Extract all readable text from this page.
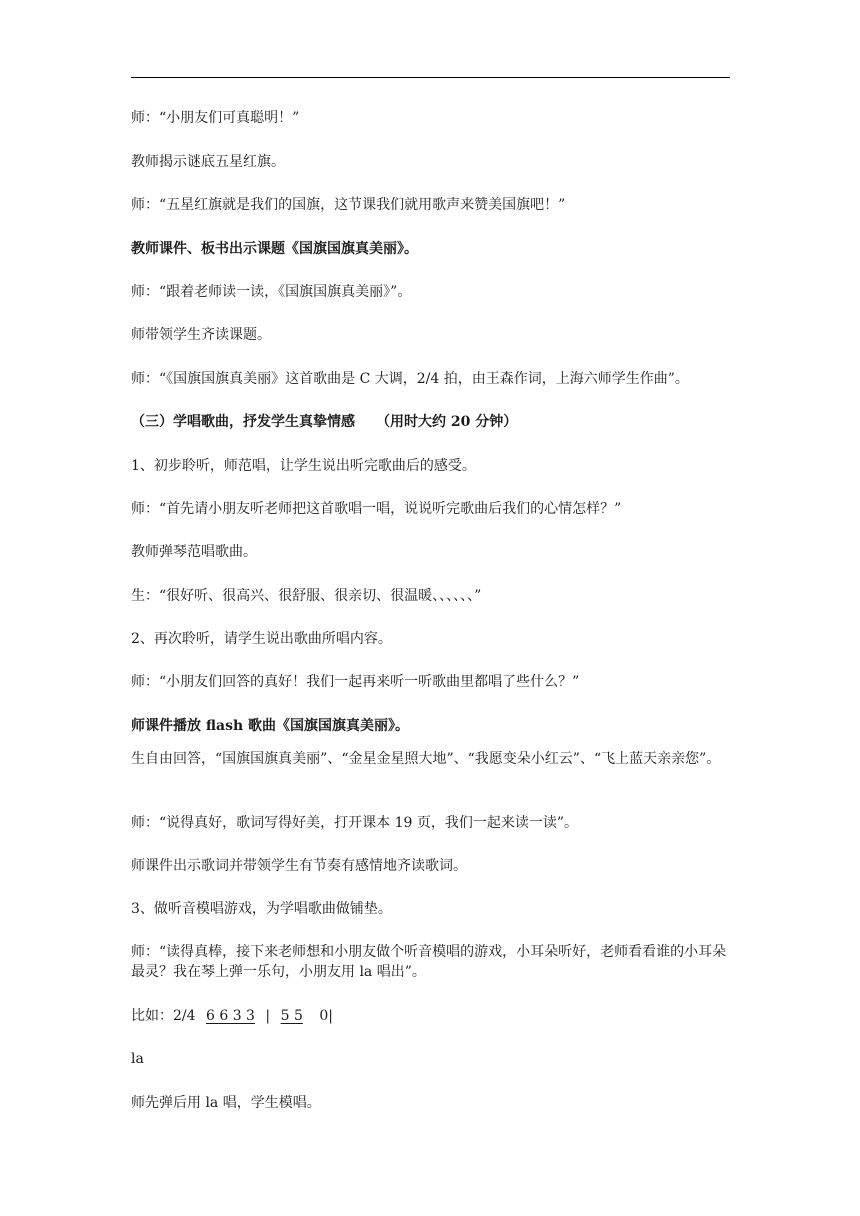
师：“小朋友们可真聪明！”
教师揭示谜底五星红旗。
师：“五星红旗就是我们的国旗，这节课我们就用歌声来赞美国旗吧！”
教师课件、板书出示课题《国旗国旗真美丽》。
师：“跟着老师读一读，《国旗国旗真美丽》”。
师带领学生齐读课题。
师：“《国旗国旗真美丽》这首歌曲是 C 大调，2/4 拍，由王森作词，上海六师学生作曲”。
（三）学唱歌曲，抒发学生真挚情感　　（用时大约 20 分钟）
1、初步聆听，师范唱，让学生说出听完歌曲后的感受。
师：“首先请小朋友听老师把这首歌唱一唱，说说听完歌曲后我们的心情怎样？”
教师弹琴范唱歌曲。
生：“很好听、很高兴、很舒服、很亲切、很温暖、、、、、、”
2、再次聆听，请学生说出歌曲所唱内容。
师：“小朋友们回答的真好！我们一起再来听一听歌曲里都唱了些什么？”
师课件播放 flash 歌曲《国旗国旗真美丽》。
生自由回答，“国旗国旗真美丽”、“金星金星照大地”、“我愿变朵小红云”、“飞上蓝天亲亲您”。
师：“说得真好，歌词写得好美，打开课本 19 页，我们一起来读一读”。
师课件出示歌词并带领学生有节奏有感情地齐读歌词。
3、做听音模唱游戏，为学唱歌曲做铺垫。
师：“读得真棒，接下来老师想和小朋友做个听音模唱的游戏，小耳朵听好，老师看看谁的小耳朵最灵？我在琴上弹一乐句，小朋友用 la 唱出”。
比如：2/4 6 6 3 3 | 5 5 0|
la
师先弹后用 la 唱，学生模唱。
